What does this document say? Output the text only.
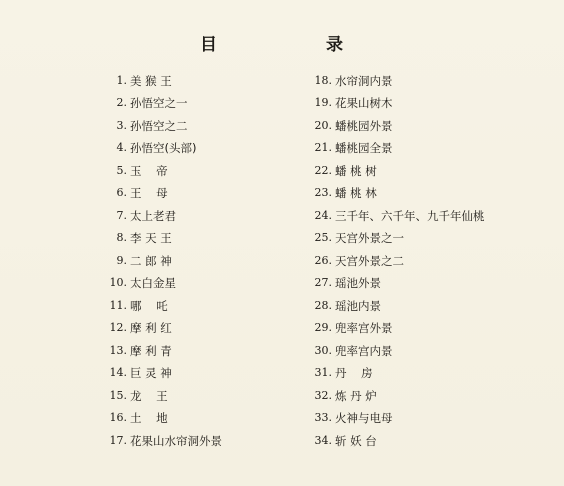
目	录
1. 美 猴 王
2. 孙悟空之一
3. 孙悟空之二
4. 孙悟空(头部)
5. 玉    帝
6. 王    母
7. 太上老君
8. 李 天 王
9. 二 郎 神
10. 太白金星
11. 哪    吒
12. 摩 利 红
13. 摩 利 青
14. 巨 灵 神
15. 龙    王
16. 土    地
17. 花果山水帘洞外景
18. 水帘洞内景
19. 花果山树木
20. 蟠桃园外景
21. 蟠桃园全景
22. 蟠 桃 树
23. 蟠 桃 林
24. 三千年、六千年、九千年仙桃
25. 天宫外景之一
26. 天宫外景之二
27. 瑶池外景
28. 瑶池内景
29. 兜率宫外景
30. 兜率宫内景
31. 丹    房
32. 炼 丹 炉
33. 火神与电母
34. 斩 妖 台
